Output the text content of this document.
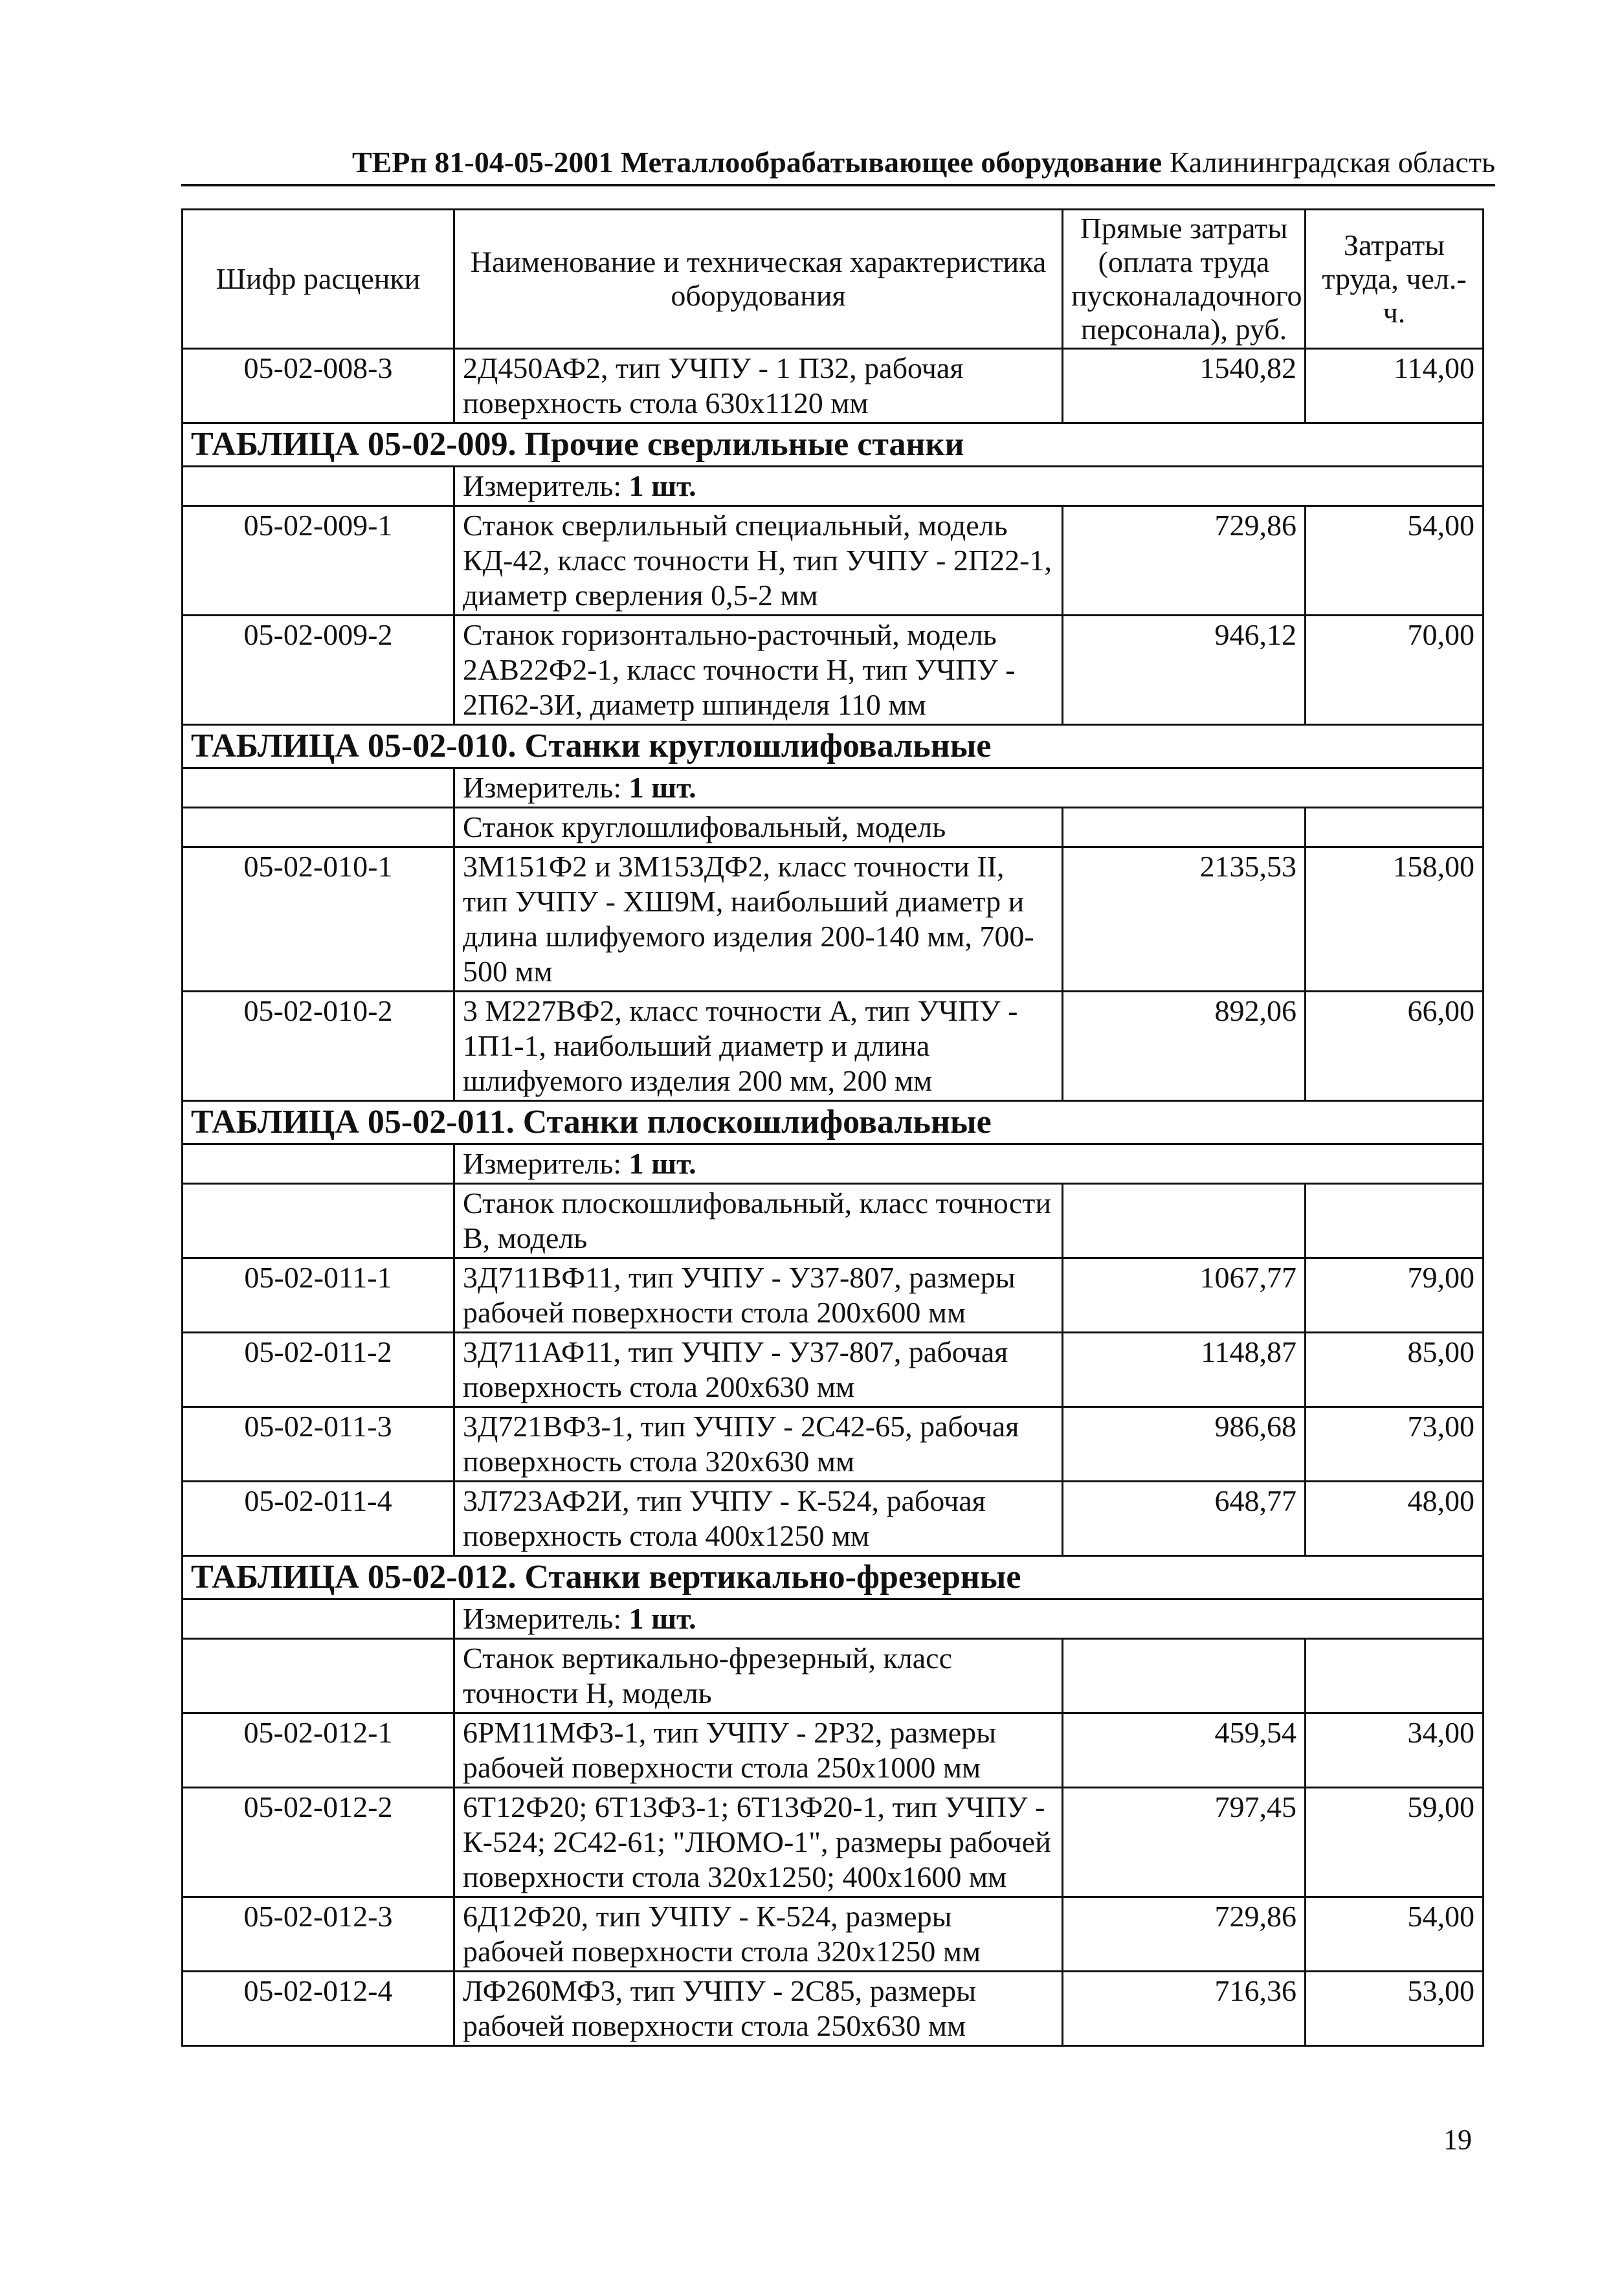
ТЕРп 81-04-05-2001 Металлообрабатывающее оборудование Калининградская область
Шифр расценки	Наименование и техническая характеристика оборудования	Прямые затраты (оплата труда пусконаладочного персонала), руб.	Затраты труда, чел.-ч.
05-02-008-3	2Д450АФ2, тип УЧПУ - 1 П32, рабочая поверхность стола 630x1120 мм	1540,82	114,00
ТАБЛИЦА 05-02-009. Прочие сверлильные станки			
	Измеритель: 1 шт.		
05-02-009-1	Станок сверлильный специальный, модель КД-42, класс точности Н, тип УЧПУ - 2П22-1, диаметр сверления 0,5-2 мм	729,86	54,00
05-02-009-2	Станок горизонтально-расточный, модель 2АВ22Ф2-1, класс точности Н, тип УЧПУ - 2П62-3И, диаметр шпинделя 110 мм	946,12	70,00
ТАБЛИЦА 05-02-010. Станки круглошлифовальные			
	Измеритель: 1 шт.		
	Станок круглошлифовальный, модель		
05-02-010-1	3М151Ф2 и 3М153ДФ2, класс точности II, тип УЧПУ - ХШ9М, наибольший диаметр и длина шлифуемого изделия 200-140 мм, 700-500 мм	2135,53	158,00
05-02-010-2	3 М227ВФ2, класс точности А, тип УЧПУ - 1П1-1, наибольший диаметр и длина шлифуемого изделия 200 мм, 200 мм	892,06	66,00
ТАБЛИЦА 05-02-011. Станки плоскошлифовальные			
	Измеритель: 1 шт.		
	Станок плоскошлифовальный, класс точности В, модель		
05-02-011-1	3Д711ВФ11, тип УЧПУ - У37-807, размеры рабочей поверхности стола 200x600 мм	1067,77	79,00
05-02-011-2	3Д711АФ11, тип УЧПУ - У37-807, рабочая поверхность стола 200x630 мм	1148,87	85,00
05-02-011-3	3Д721ВФ3-1, тип УЧПУ - 2С42-65, рабочая поверхность стола 320x630 мм	986,68	73,00
05-02-011-4	3Л723АФ2И, тип УЧПУ - К-524, рабочая поверхность стола 400x1250 мм	648,77	48,00
ТАБЛИЦА 05-02-012. Станки вертикально-фрезерные			
	Измеритель: 1 шт.		
	Станок вертикально-фрезерный, класс точности Н, модель		
05-02-012-1	6РМ11МФ3-1, тип УЧПУ - 2Р32, размеры рабочей поверхности стола 250x1000 мм	459,54	34,00
05-02-012-2	6Т12Ф20; 6Т13Ф3-1; 6Т13Ф20-1, тип УЧПУ - К-524; 2С42-61; "ЛЮМО-1", размеры рабочей поверхности стола 320x1250; 400x1600 мм	797,45	59,00
05-02-012-3	6Д12Ф20, тип УЧПУ - К-524, размеры рабочей поверхности стола 320x1250 мм	729,86	54,00
05-02-012-4	ЛФ260МФ3, тип УЧПУ - 2С85, размеры рабочей поверхности стола 250x630 мм	716,36	53,00
19
